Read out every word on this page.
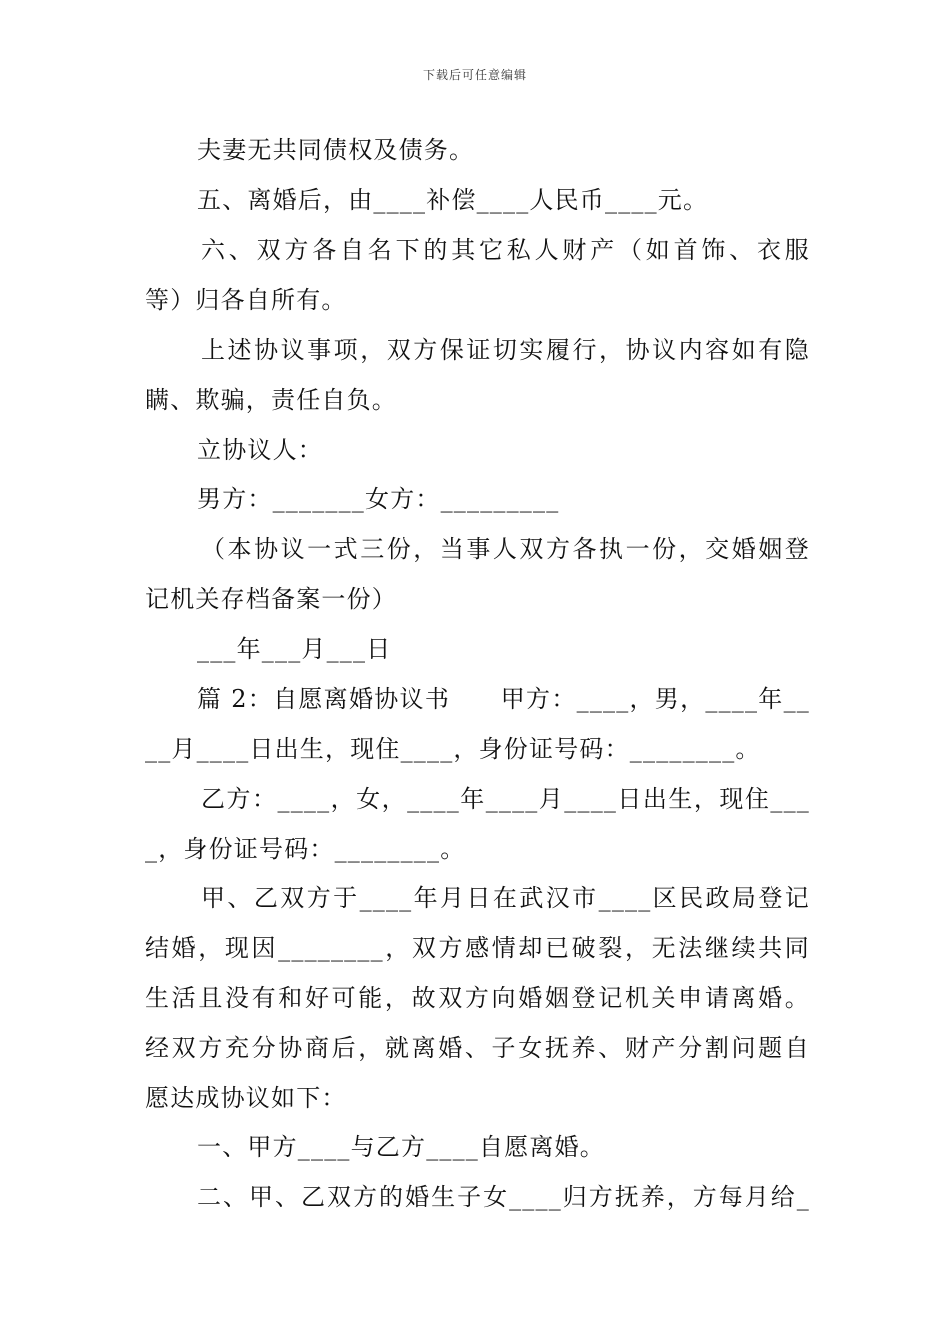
下载后可任意编辑
夫妻无共同债权及债务。
五、离婚后，由____补偿____人民币____元。
六、双方各自名下的其它私人财产（如首饰、衣服
等）归各自所有。
上述协议事项，双方保证切实履行，协议内容如有隐
瞒、欺骗，责任自负。
立协议人：
男方：_______女方：_________
（本协议一式三份，当事人双方各执一份，交婚姻登
记机关存档备案一份）
___年___月___日
篇 2：自愿离婚协议书　　甲方：____，男，____年__
__月____日出生，现住____，身份证号码：________。
乙方：____，女，____年____月____日出生，现住___
_，身份证号码：________。
甲、乙双方于____年月日在武汉市____区民政局登记
结婚，现因________，双方感情却已破裂，无法继续共同
生活且没有和好可能，故双方向婚姻登记机关申请离婚。
经双方充分协商后，就离婚、子女抚养、财产分割问题自
愿达成协议如下：
一、甲方____与乙方____自愿离婚。
二、甲、乙双方的婚生子女____归方抚养，方每月给_
